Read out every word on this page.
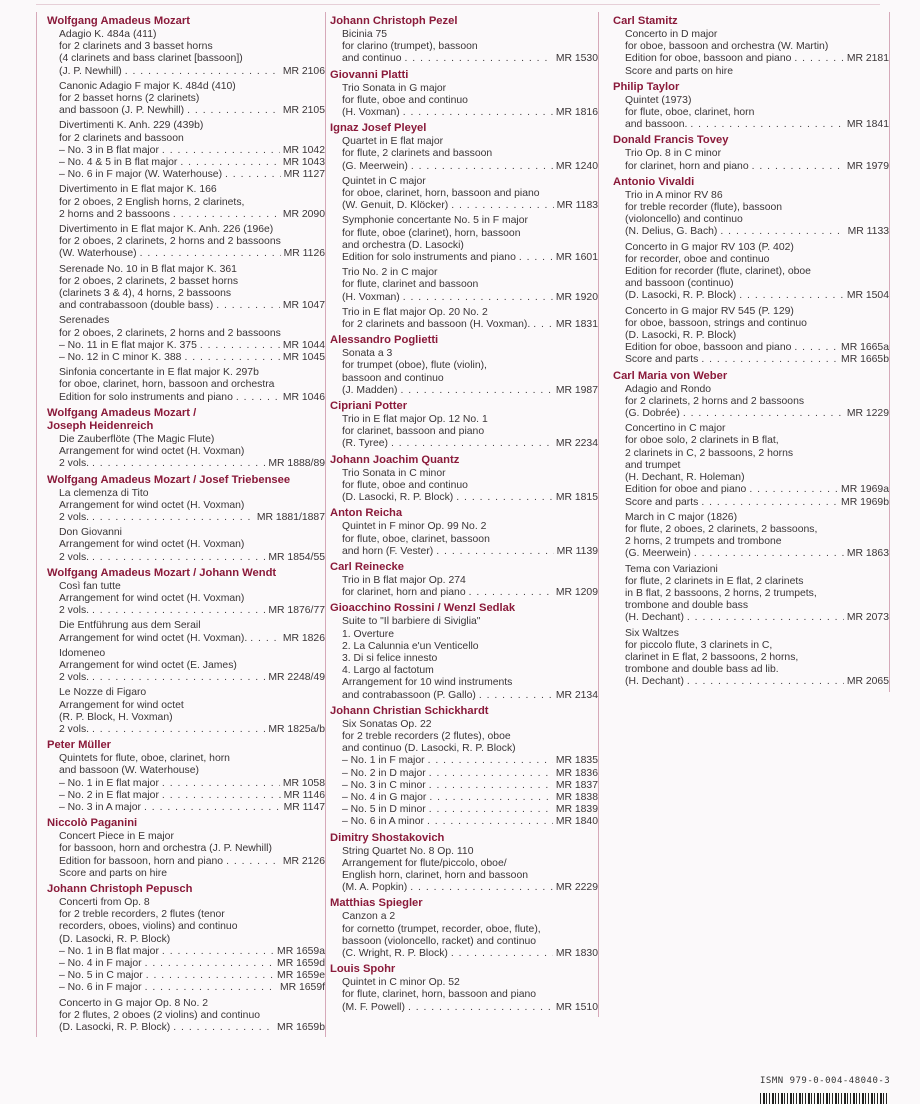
Wolfgang Amadeus Mozart
Adagio K. 484a (411)
for 2 clarinets and 3 basset horns
(4 clarinets and bass clarinet [bassoon])
(J. P. Newhill) . . .	MR 2106
Canonic Adagio F major K. 484d (410)
for 2 basset horns (2 clarinets)
and bassoon (J. P. Newhill) . . .	MR 2105
Divertimenti K. Anh. 229 (439b)
for 2 clarinets and bassoon
– No. 3 in B flat major . . .	MR 1042
– No. 4 & 5 in B flat major . . .	MR 1043
– No. 6 in F major (W. Waterhouse) . . .	MR 1127
Divertimento in E flat major K. 166
for 2 oboes, 2 English horns, 2 clarinets,
2 horns and 2 bassoons . . .	MR 2090
Divertimento in E flat major K. Anh. 226 (196e)
for 2 oboes, 2 clarinets, 2 horns and 2 bassoons
(W. Waterhouse) . . .	MR 1126
Serenade No. 10 in B flat major K. 361
for 2 oboes, 2 clarinets, 2 basset horns
(clarinets 3 & 4), 4 horns, 2 bassoons
and contrabassoon (double bass) . . .	MR 1047
Serenades
for 2 oboes, 2 clarinets, 2 horns and 2 bassoons
– No. 11 in E flat major K. 375 . . .	MR 1044
– No. 12 in C minor K. 388 . . .	MR 1045
Sinfonia concertante in E flat major K. 297b
for oboe, clarinet, horn, bassoon and orchestra
Edition for solo instruments and piano . . .	MR 1046
Wolfgang Amadeus Mozart /
Joseph Heidenreich
Die Zauberflöte (The Magic Flute)
Arrangement for wind octet (H. Voxman)
2 vols. . . .	MR 1888/89
Wolfgang Amadeus Mozart / Josef Triebensee
La clemenza di Tito
Arrangement for wind octet (H. Voxman)
2 vols. . . .	MR 1881/1887
Don Giovanni
Arrangement for wind octet (H. Voxman)
2 vols. . . .	MR 1854/55
Wolfgang Amadeus Mozart / Johann Wendt
Così fan tutte
Arrangement for wind octet (H. Voxman)
2 vols. . . .	MR 1876/77
Die Entführung aus dem Serail
Arrangement for wind octet (H. Voxman). . . .	MR 1826
Idomeneo
Arrangement for wind octet (E. James)
2 vols. . . .	MR 2248/49
Le Nozze di Figaro
Arrangement for wind octet
(R. P. Block, H. Voxman)
2 vols. . . .	MR 1825a/b
Peter Müller
Quintets for flute, oboe, clarinet, horn
and bassoon (W. Waterhouse)
– No. 1 in E flat major . . .	MR 1058
– No. 2 in E flat major . . .	MR 1146
– No. 3 in A major . . .	MR 1147
Niccolò Paganini
Concert Piece in E major
for bassoon, horn and orchestra (J. P. Newhill)
Edition for bassoon, horn and piano . . .	MR 2126
Score and parts on hire
Johann Christoph Pepusch
Concerti from Op. 8
for 2 treble recorders, 2 flutes (tenor
recorders, oboes, violins) and continuo
(D. Lasocki, R. P. Block)
– No. 1 in B flat major . . .	MR 1659a
– No. 4 in F major . . .	MR 1659d
– No. 5 in C major . . .	MR 1659e
– No. 6 in F major . . .	MR 1659f
Concerto in G major Op. 8 No. 2
for 2 flutes, 2 oboes (2 violins) and continuo
(D. Lasocki, R. P. Block) . . .	MR 1659b
Johann Christoph Pezel
Bicinia 75
for clarino (trumpet), bassoon
and continuo . . .	MR 1530
Giovanni Platti
Trio Sonata in G major
for flute, oboe and continuo
(H. Voxman) . . .	MR 1816
Ignaz Josef Pleyel
Quartet in E flat major
for flute, 2 clarinets and bassoon
(G. Meerwein) . . .	MR 1240
Quintet in C major
for oboe, clarinet, horn, bassoon and piano
(W. Genuit, D. Klöcker) . . .	MR 1183
Symphonie concertante No. 5 in F major
for flute, oboe (clarinet), horn, bassoon
and orchestra (D. Lasocki)
Edition for solo instruments and piano . . .	MR 1601
Trio No. 2 in C major
for flute, clarinet and bassoon
(H. Voxman) . . .	MR 1920
Trio in E flat major Op. 20 No. 2
for 2 clarinets and bassoon (H. Voxman). . . . MR 1831
Alessandro Poglietti
Sonata a 3
for trumpet (oboe), flute (violin),
bassoon and continuo
(J. Madden) . . .	MR 1987
Cipriani Potter
Trio in E flat major Op. 12 No. 1
for clarinet, bassoon and piano
(R. Tyree) . . .	MR 2234
Johann Joachim Quantz
Trio Sonata in C minor
for flute, oboe and continuo
(D. Lasocki, R. P. Block) . . .	MR 1815
Anton Reicha
Quintet in F minor Op. 99 No. 2
for flute, oboe, clarinet, bassoon
and horn (F. Vester) . . .	MR 1139
Carl Reinecke
Trio in B flat major Op. 274
for clarinet, horn and piano . . .	MR 1209
Gioacchino Rossini / Wenzl Sedlak
Suite to "Il barbiere di Siviglia"
1. Overture
2. La Calunnia e'un Venticello
3. Di si felice innesto
4. Largo al factotum
Arrangement for 10 wind instruments
and contrabassoon (P. Gallo) . . .	MR 2134
Johann Christian Schickhardt
Six Sonatas Op. 22
for 2 treble recorders (2 flutes), oboe
and continuo (D. Lasocki, R. P. Block)
– No. 1 in F major . . .	MR 1835
– No. 2 in D major . . .	MR 1836
– No. 3 in C minor . . .	MR 1837
– No. 4 in G major . . .	MR 1838
– No. 5 in D minor . . .	MR 1839
– No. 6 in A minor . . .	MR 1840
Dimitry Shostakovich
String Quartet No. 8 Op. 110
Arrangement for flute/piccolo, oboe/
English horn, clarinet, horn and bassoon
(M. A. Popkin) . . .	MR 2229
Matthias Spiegler
Canzon a 2
for cornetto (trumpet, recorder, oboe, flute),
bassoon (violoncello, racket) and continuo
(C. Wright, R. P. Block) . . .	MR 1830
Louis Spohr
Quintet in C minor Op. 52
for flute, clarinet, horn, bassoon and piano
(M. F. Powell) . . .	MR 1510
Carl Stamitz
Concerto in D major
for oboe, bassoon and orchestra (W. Martin)
Edition for oboe, bassoon and piano . . .	MR 2181
Score and parts on hire
Philip Taylor
Quintet (1973)
for flute, oboe, clarinet, horn
and bassoon. . . .	MR 1841
Donald Francis Tovey
Trio Op. 8 in C minor
for clarinet, horn and piano . . .	MR 1979
Antonio Vivaldi
Trio in A minor RV 86
for treble recorder (flute), bassoon
(violoncello) and continuo
(N. Delius, G. Bach) . . .	MR 1133
Concerto in G major RV 103 (P. 402)
for recorder, oboe and continuo
Edition for recorder (flute, clarinet), oboe
and bassoon (continuo)
(D. Lasocki, R. P. Block) . . .	MR 1504
Concerto in G major RV 545 (P. 129)
for oboe, bassoon, strings and continuo
(D. Lasocki, R. P. Block)
Edition for oboe, bassoon and piano . . .	MR 1665a
Score and parts . . .	MR 1665b
Carl Maria von Weber
Adagio and Rondo
for 2 clarinets, 2 horns and 2 bassoons
(G. Dobrée) . . .	MR 1229
Concertino in C major
for oboe solo, 2 clarinets in B flat,
2 clarinets in C, 2 bassoons, 2 horns
and trumpet
(H. Dechant, R. Holeman)
Edition for oboe and piano . . .	MR 1969a
Score and parts . . .	MR 1969b
March in C major (1826)
for flute, 2 oboes, 2 clarinets, 2 bassoons,
2 horns, 2 trumpets and trombone
(G. Meerwein) . . .	MR 1863
Tema con Variazioni
for flute, 2 clarinets in E flat, 2 clarinets
in B flat, 2 bassoons, 2 horns, 2 trumpets,
trombone and double bass
(H. Dechant) . . .	MR 2073
Six Waltzes
for piccolo flute, 3 clarinets in C,
clarinet in E flat, 2 bassoons, 2 horns,
trombone and double bass ad lib.
(H. Dechant) . . .	MR 2065
ISMN 979-0-004-48040-3
